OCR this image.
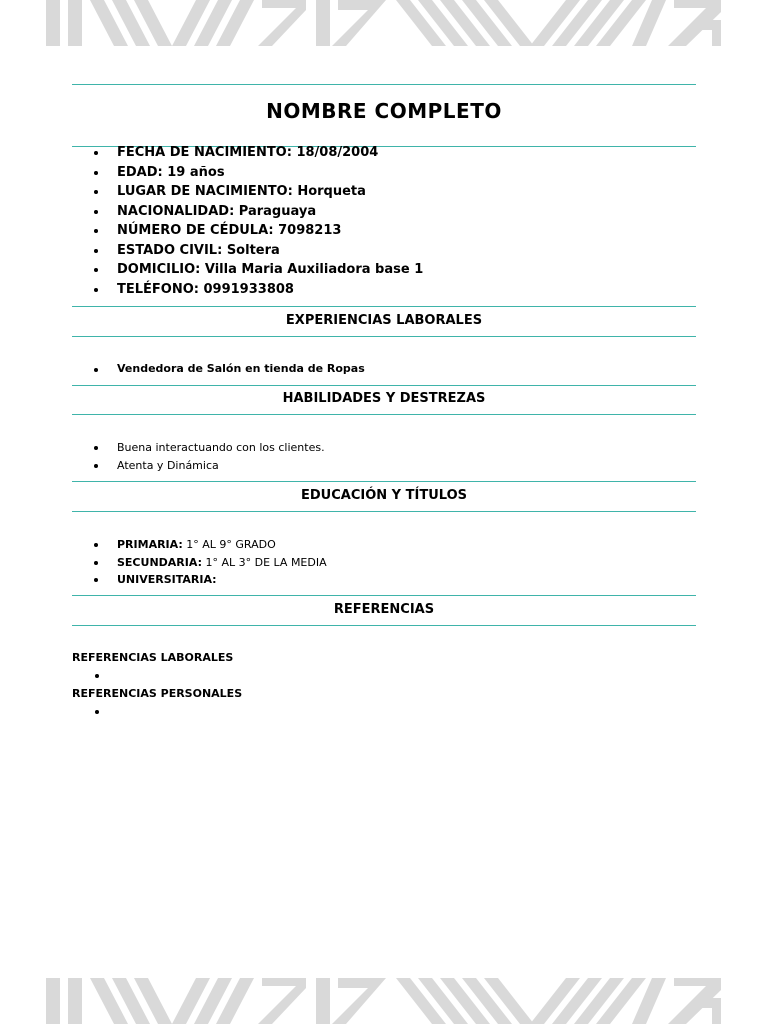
NOMBRE COMPLETO
FECHA DE NACIMIENTO: 18/08/2004
EDAD: 19 años
LUGAR DE NACIMIENTO: Horqueta
NACIONALIDAD: Paraguaya
NÚMERO DE CÉDULA: 7098213
ESTADO CIVIL: Soltera
DOMICILIO: Villa Maria Auxiliadora base 1
TELÉFONO: 0991933808
EXPERIENCIAS LABORALES
Vendedora de Salón en tienda de Ropas
HABILIDADES Y DESTREZAS
Buena interactuando con los clientes.
Atenta y Dinámica
EDUCACIÓN Y TÍTULOS
PRIMARIA: 1° AL 9° GRADO
SECUNDARIA: 1° AL 3° DE LA MEDIA
UNIVERSITARIA:
REFERENCIAS
REFERENCIAS LABORALES
REFERENCIAS PERSONALES
